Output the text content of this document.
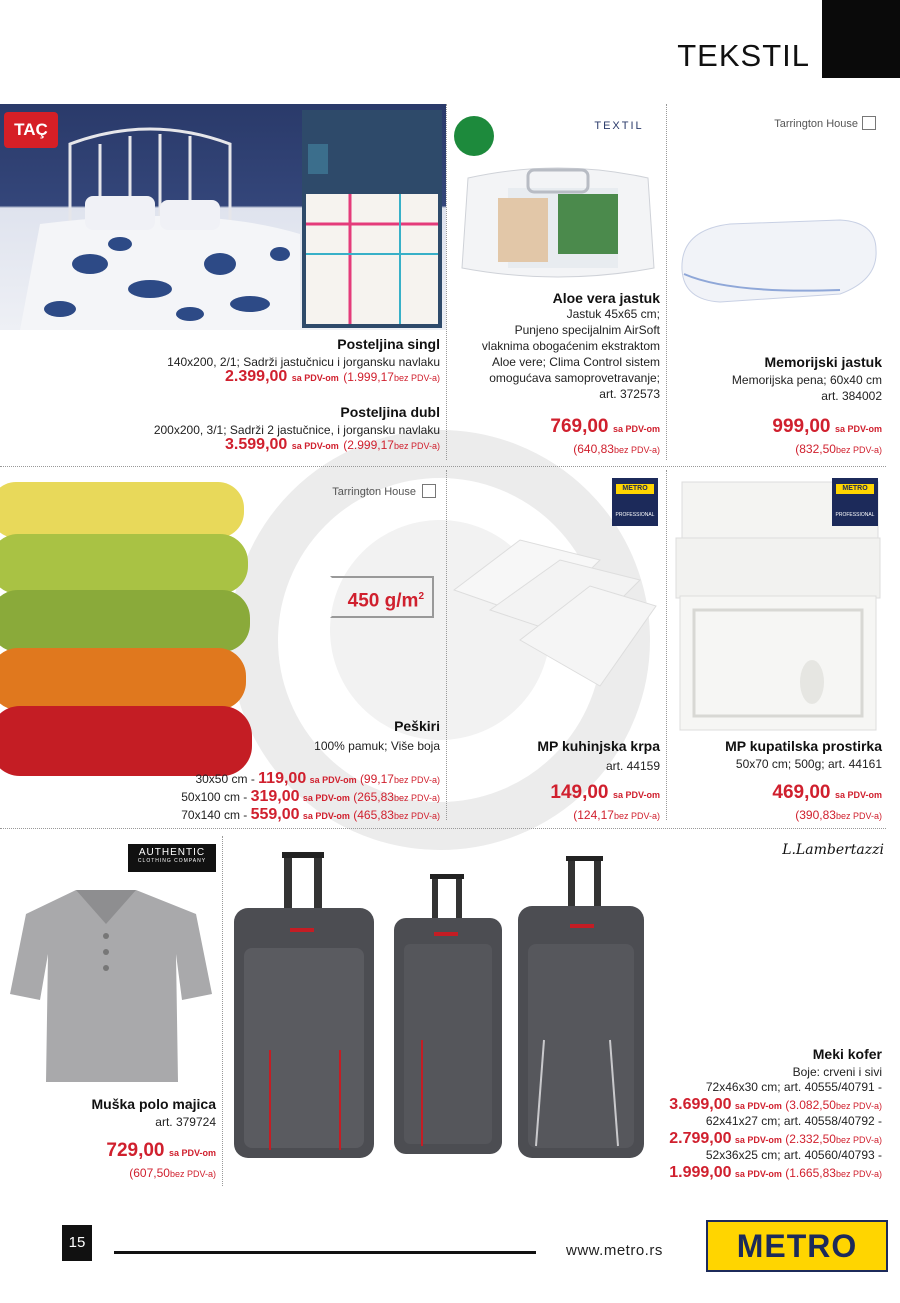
TEKSTIL
TAÇ
Posteljina singl
140x200, 2/1; Sadrži jastučnicu i jorgansku navlaku
2.399,00 sa PDV-om (1.999,17bez PDV-a)
Posteljina dubl
200x200, 3/1; Sadrži 2 jastučnice, i jorgansku navlaku
3.599,00 sa PDV-om (2.999,17bez PDV-a)
TEXTIL
Aloe vera jastuk
Jastuk 45x65 cm;
Punjeno specijalnim AirSoft
vlaknima obogaćenim ekstraktom
Aloe vere; Clima Control sistem
omogućava samoprovetravanje;
art. 372573
769,00 sa PDV-om
(640,83bez PDV-a)
Tarrington House
Memorijski jastuk
Memorijska pena; 60x40 cm
art. 384002
999,00 sa PDV-om
(832,50bez PDV-a)
Tarrington House
450 $g/m^2$
Peškiri
100% pamuk; Više boja
30x50 cm - 119,00 sa PDV-om (99,17bez PDV-a)
50x100 cm - 319,00 sa PDV-om (265,83bez PDV-a)
70x140 cm - 559,00 sa PDV-om (465,83bez PDV-a)
METRO
PROFESSIONAL
MP kuhinjska krpa
art. 44159
149,00 sa PDV-om
(124,17bez PDV-a)
METRO
PROFESSIONAL
MP kupatilska prostirka
50x70 cm; 500g; art. 44161
469,00 sa PDV-om
(390,83bez PDV-a)
AUTHENTIC
CLOTHING COMPANY
Muška polo majica
art. 379724
729,00 sa PDV-om
(607,50bez PDV-a)
L.Lambertazzi
Meki kofer
Boje: crveni i sivi
72x46x30 cm; art. 40555/40791 -
3.699,00 sa PDV-om (3.082,50bez PDV-a)
62x41x27 cm; art. 40558/40792 -
2.799,00 sa PDV-om (2.332,50bez PDV-a)
52x36x25 cm; art. 40560/40793 -
1.999,00 sa PDV-om (1.665,83bez PDV-a)
15	www.metro.rs	METRO
